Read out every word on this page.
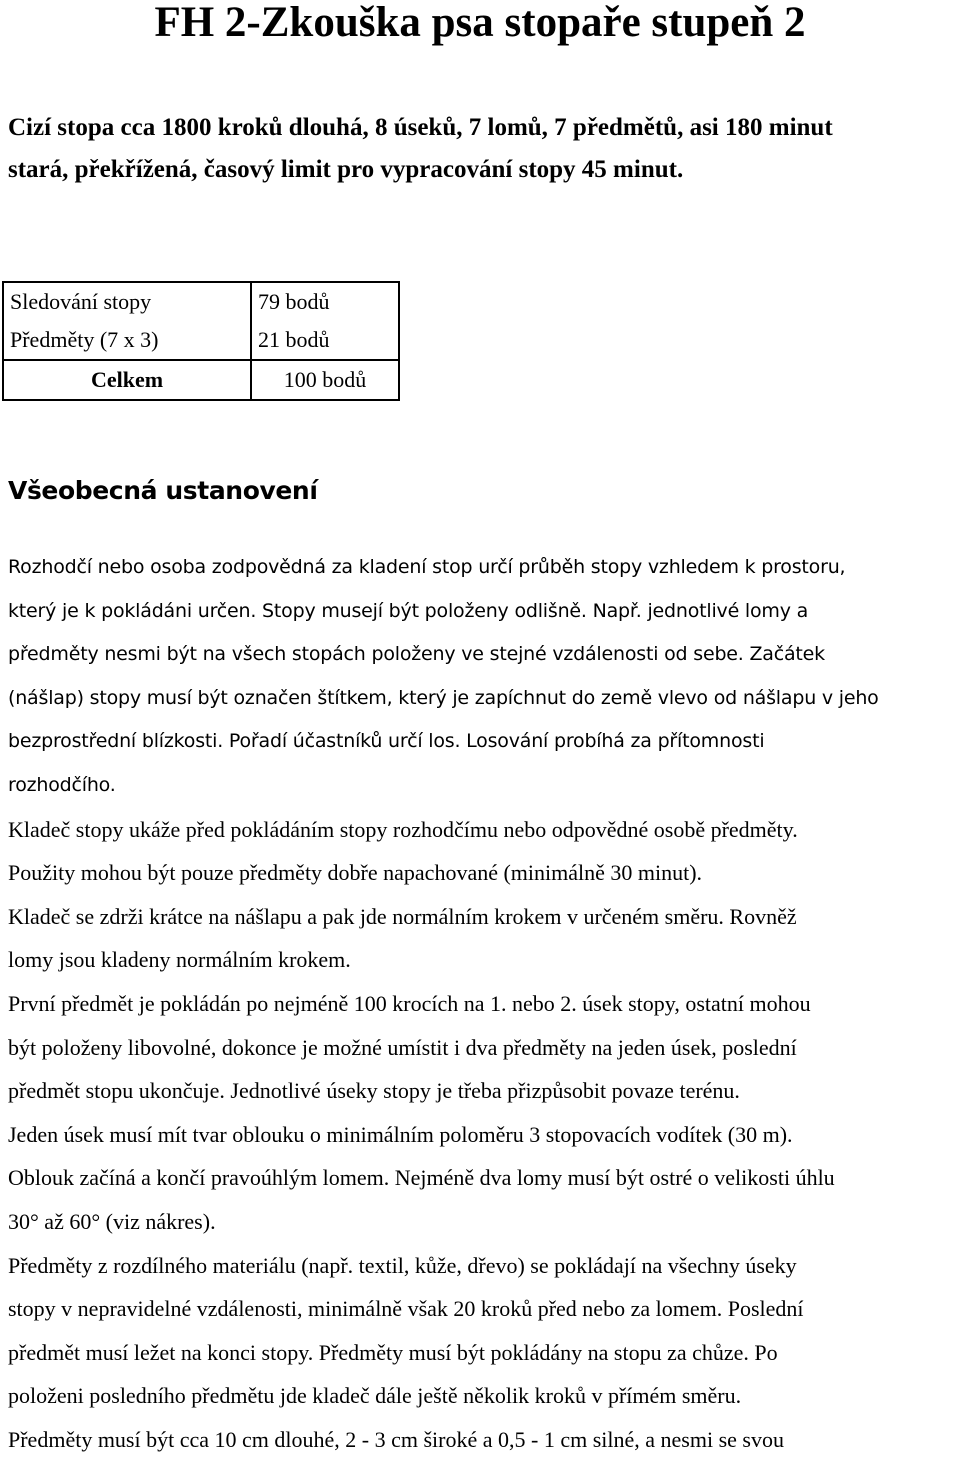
FH 2-Zkouška psa stopaře stupeň 2

Cizí stopa cca 1800 kroků dlouhá, 8 úseků, 7 lomů, 7 předmětů, asi 180 minut
stará, překřížená, časový limit pro vypracování stopy 45 minut.

Sledování stopy	79 bodů
Předměty (7 x 3)	21 bodů
Celkem	100 bodů
Všeobecná ustanovení
Rozhodčí nebo osoba zodpovědná za kladení stop určí průběh stopy vzhledem k prostoru,
který je k pokládáni určen. Stopy musejí být položeny odlišně. Např. jednotlivé lomy a
předměty nesmi být na všech stopách položeny ve stejné vzdálenosti od sebe. Začátek
(nášlap) stopy musí být označen štítkem, který je zapíchnut do země vlevo od nášlapu v jeho
bezprostřední blízkosti. Pořadí účastníků určí los. Losování probíhá za přítomnosti
rozhodčího.
Kladeč stopy ukáže před pokládáním stopy rozhodčímu nebo odpovědné osobě předměty.
Použity mohou být pouze předměty dobře napachované (minimálně 30 minut).
Kladeč se zdrži krátce na nášlapu a pak jde normálním krokem v určeném směru. Rovněž
lomy jsou kladeny normálním krokem.
První předmět je pokládán po nejméně 100 krocích na 1. nebo 2. úsek stopy, ostatní mohou
být položeny libovolné, dokonce je možné umístit i dva předměty na jeden úsek, poslední
předmět stopu ukončuje. Jednotlivé úseky stopy je třeba přizpůsobit povaze terénu.
Jeden úsek musí mít tvar oblouku o minimálním poloměru 3 stopovacích vodítek (30 m).
Oblouk začíná a končí pravoúhlým lomem. Nejméně dva lomy musí být ostré o velikosti úhlu
30° až 60° (viz nákres).
Předměty z rozdílného materiálu (např. textil, kůže, dřevo) se pokládají na všechny úseky
stopy v nepravidelné vzdálenosti, minimálně však 20 kroků před nebo za lomem. Poslední
předmět musí ležet na konci stopy. Předměty musí být pokládány na stopu za chůze. Po
položeni posledního předmětu jde kladeč dále ještě několik kroků v přímém směru.
Předměty musí být cca 10 cm dlouhé, 2 - 3 cm široké a 0,5 - 1 cm silné, a nesmi se svou
